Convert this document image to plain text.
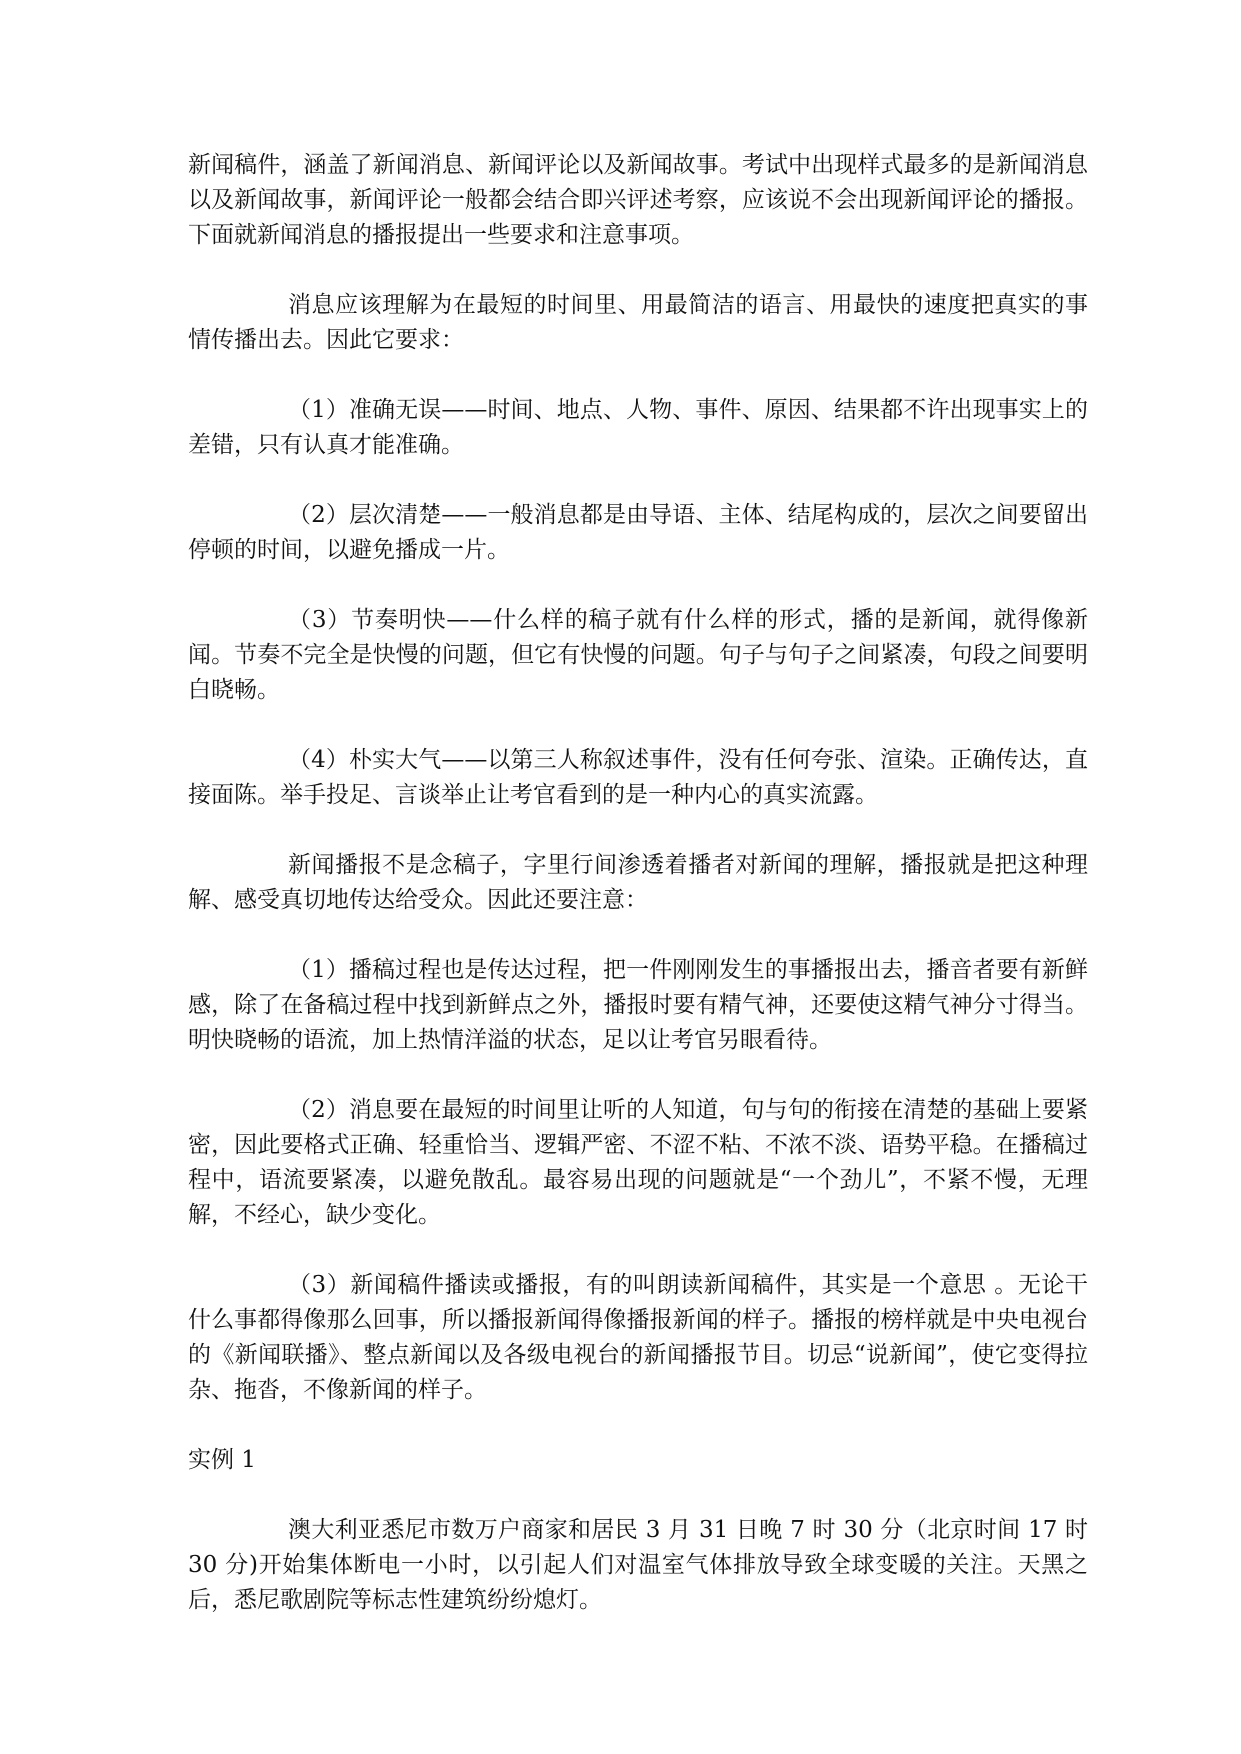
新闻稿件，涵盖了新闻消息、新闻评论以及新闻故事。考试中出现样式最多的是新闻消息以及新闻故事，新闻评论一般都会结合即兴评述考察，应该说不会出现新闻评论的播报。下面就新闻消息的播报提出一些要求和注意事项。

消息应该理解为在最短的时间里、用最简洁的语言、用最快的速度把真实的事情传播出去。因此它要求：

（1）准确无误——时间、地点、人物、事件、原因、结果都不许出现事实上的差错，只有认真才能准确。

（2）层次清楚——一般消息都是由导语、主体、结尾构成的，层次之间要留出停顿的时间，以避免播成一片。

（3）节奏明快——什么样的稿子就有什么样的形式，播的是新闻，就得像新闻。节奏不完全是快慢的问题，但它有快慢的问题。句子与句子之间紧凑，句段之间要明白晓畅。

（4）朴实大气——以第三人称叙述事件，没有任何夸张、渲染。正确传达，直接面陈。举手投足、言谈举止让考官看到的是一种内心的真实流露。

新闻播报不是念稿子，字里行间渗透着播者对新闻的理解，播报就是把这种理解、感受真切地传达给受众。因此还要注意：

（1）播稿过程也是传达过程，把一件刚刚发生的事播报出去，播音者要有新鲜感，除了在备稿过程中找到新鲜点之外，播报时要有精气神，还要使这精气神分寸得当。明快晓畅的语流，加上热情洋溢的状态，足以让考官另眼看待。

（2）消息要在最短的时间里让听的人知道，句与句的衔接在清楚的基础上要紧密，因此要格式正确、轻重恰当、逻辑严密、不涩不粘、不浓不淡、语势平稳。在播稿过程中，语流要紧凑，以避免散乱。最容易出现的问题就是“一个劲儿”，不紧不慢，无理解，不经心，缺少变化。

（3）新闻稿件播读或播报，有的叫朗读新闻稿件，其实是一个意思 。无论干什么事都得像那么回事，所以播报新闻得像播报新闻的样子。播报的榜样就是中央电视台的《新闻联播》、整点新闻以及各级电视台的新闻播报节目。切忌“说新闻”，使它变得拉杂、拖沓，不像新闻的样子。

实例 1

澳大利亚悉尼市数万户商家和居民 3 月 31 日晚 7 时 30 分（北京时间 17 时 30 分)开始集体断电一小时，以引起人们对温室气体排放导致全球变暖的关注。天黑之后，悉尼歌剧院等标志性建筑纷纷熄灯。
